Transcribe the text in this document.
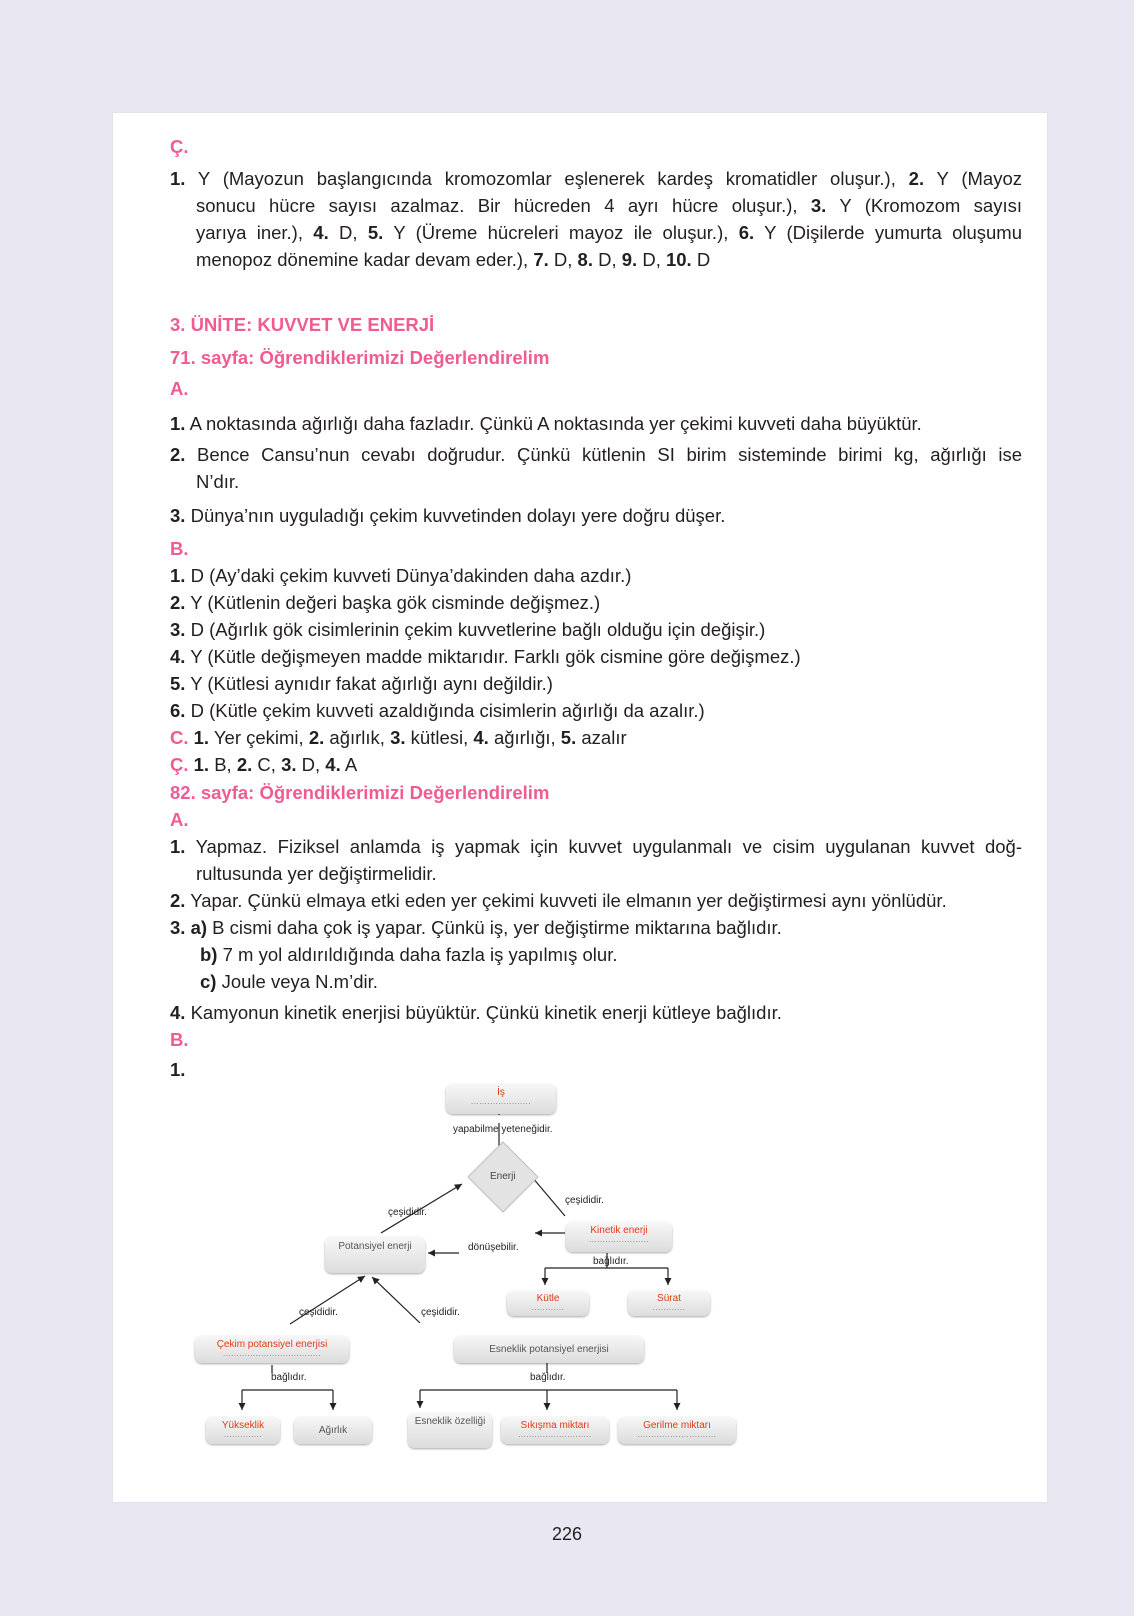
Ç.
1. Y (Mayozun başlangıcında kromozomlar eşlenerek kardeş kromatidler oluşur.), 2. Y (Mayoz
sonucu hücre sayısı azalmaz. Bir hücreden 4 ayrı hücre oluşur.), 3. Y (Kromozom sayısı
yarıya iner.), 4. D, 5. Y (Üreme hücreleri mayoz ile oluşur.), 6. Y (Dişilerde yumurta oluşumu
menopoz dönemine kadar devam eder.), 7. D, 8. D, 9. D, 10. D
3. ÜNİTE: KUVVET VE ENERJİ
71. sayfa: Öğrendiklerimizi Değerlendirelim
A.
1. A noktasında ağırlığı daha fazladır. Çünkü A noktasında yer çekimi kuvveti daha büyüktür.
2. Bence Cansu’nun cevabı doğrudur. Çünkü kütlenin SI birim sisteminde birimi kg, ağırlığı ise
N’dır.
3. Dünya’nın uyguladığı çekim kuvvetinden dolayı yere doğru düşer.
B.
1. D (Ay’daki çekim kuvveti Dünya’dakinden daha azdır.)
2. Y (Kütlenin değeri başka gök cisminde değişmez.)
3. D (Ağırlık gök cisimlerinin çekim kuvvetlerine bağlı olduğu için değişir.)
4. Y (Kütle değişmeyen madde miktarıdır. Farklı gök cismine göre değişmez.)
5. Y (Kütlesi aynıdır fakat ağırlığı aynı değildir.)
6. D (Kütle çekim kuvveti azaldığında cisimlerin ağırlığı da azalır.)
C. 1. Yer çekimi, 2. ağırlık, 3. kütlesi, 4. ağırlığı, 5. azalır
Ç. 1. B, 2. C, 3. D, 4. A
82. sayfa: Öğrendiklerimizi Değerlendirelim
A.
1. Yapmaz. Fiziksel anlamda iş yapmak için kuvvet uygulanmalı ve cisim uygulanan kuvvet doğ-
rultusunda yer değiştirmelidir.
2. Yapar. Çünkü elmaya etki eden yer çekimi kuvveti ile elmanın yer değiştirmesi aynı yönlüdür.
3. a) B cismi daha çok iş yapar. Çünkü iş, yer değiştirme miktarına bağlıdır.
b) 7 m yol aldırıldığında daha fazla iş yapılmış olur.
c) Joule veya N.m’dir.
4. Kamyonun kinetik enerjisi büyüktür. Çünkü kinetik enerji kütleye bağlıdır.
B.
1.
İş
......................
yapabilme yeteneğidir.
Enerji
çeşididir.
çeşididir.
Potansiyel enerji	dönüşebilir.
Kinetik enerji
......................
bağlıdır.
Kütle
............
Sürat
............
çeşididir.	çeşididir.
Çekim potansiyel enerjisi
....................................	Esneklik potansiyel enerjisi
bağlıdır.	bağlıdır.
Yükseklik
..............	Ağırlık
Esneklik özelliği	Sıkışma miktarı
...........................
Gerilme miktarı
.............................
226
